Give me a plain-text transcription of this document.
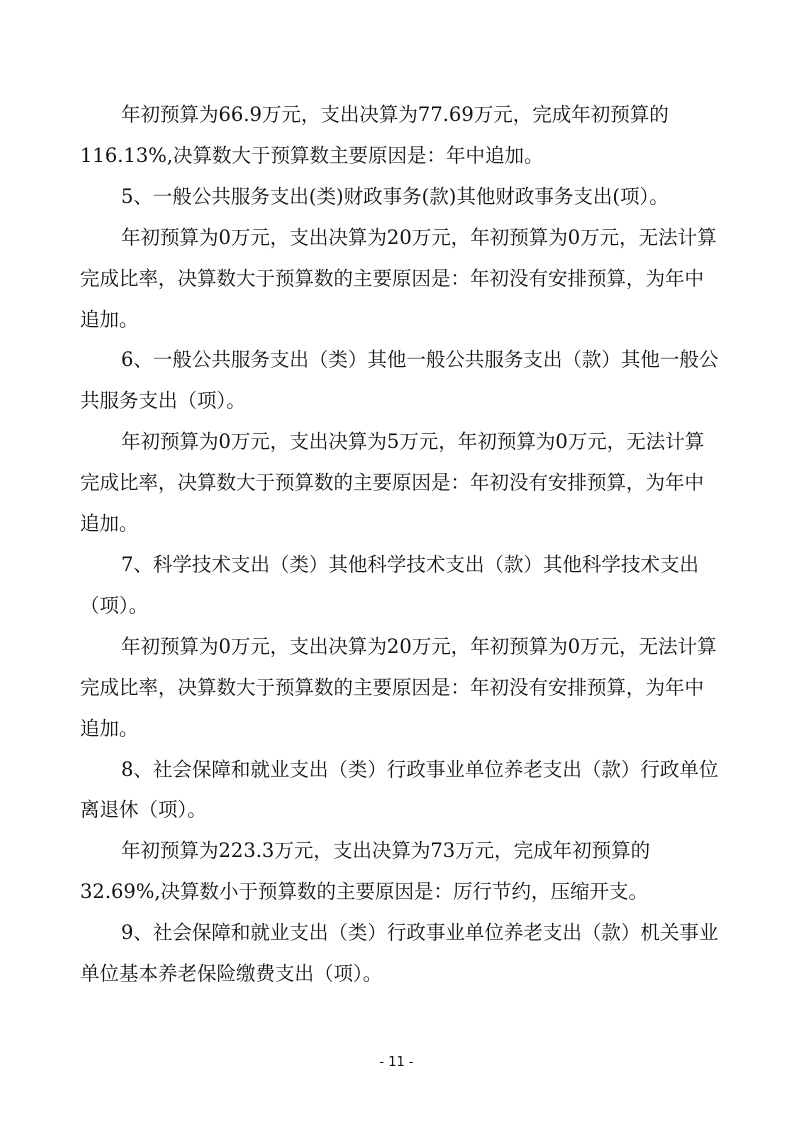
年初预算为66.9万元，支出决算为77.69万元，完成年初预算的116.13%,决算数大于预算数主要原因是：年中追加。

5、一般公共服务支出(类)财政事务(款)其他财政事务支出(项）。

年初预算为0万元，支出决算为20万元，年初预算为0万元，无法计算完成比率，决算数大于预算数的主要原因是：年初没有安排预算，为年中追加。

6、一般公共服务支出（类）其他一般公共服务支出（款）其他一般公共服务支出（项）。

年初预算为0万元，支出决算为5万元，年初预算为0万元，无法计算完成比率，决算数大于预算数的主要原因是：年初没有安排预算，为年中追加。

7、科学技术支出（类）其他科学技术支出（款）其他科学技术支出（项）。

年初预算为0万元，支出决算为20万元，年初预算为0万元，无法计算完成比率，决算数大于预算数的主要原因是：年初没有安排预算，为年中追加。

8、社会保障和就业支出（类）行政事业单位养老支出（款）行政单位离退休（项）。

年初预算为223.3万元，支出决算为73万元，完成年初预算的32.69%,决算数小于预算数的主要原因是：厉行节约，压缩开支。

9、社会保障和就业支出（类）行政事业单位养老支出（款）机关事业单位基本养老保险缴费支出（项）。

- 11 -
